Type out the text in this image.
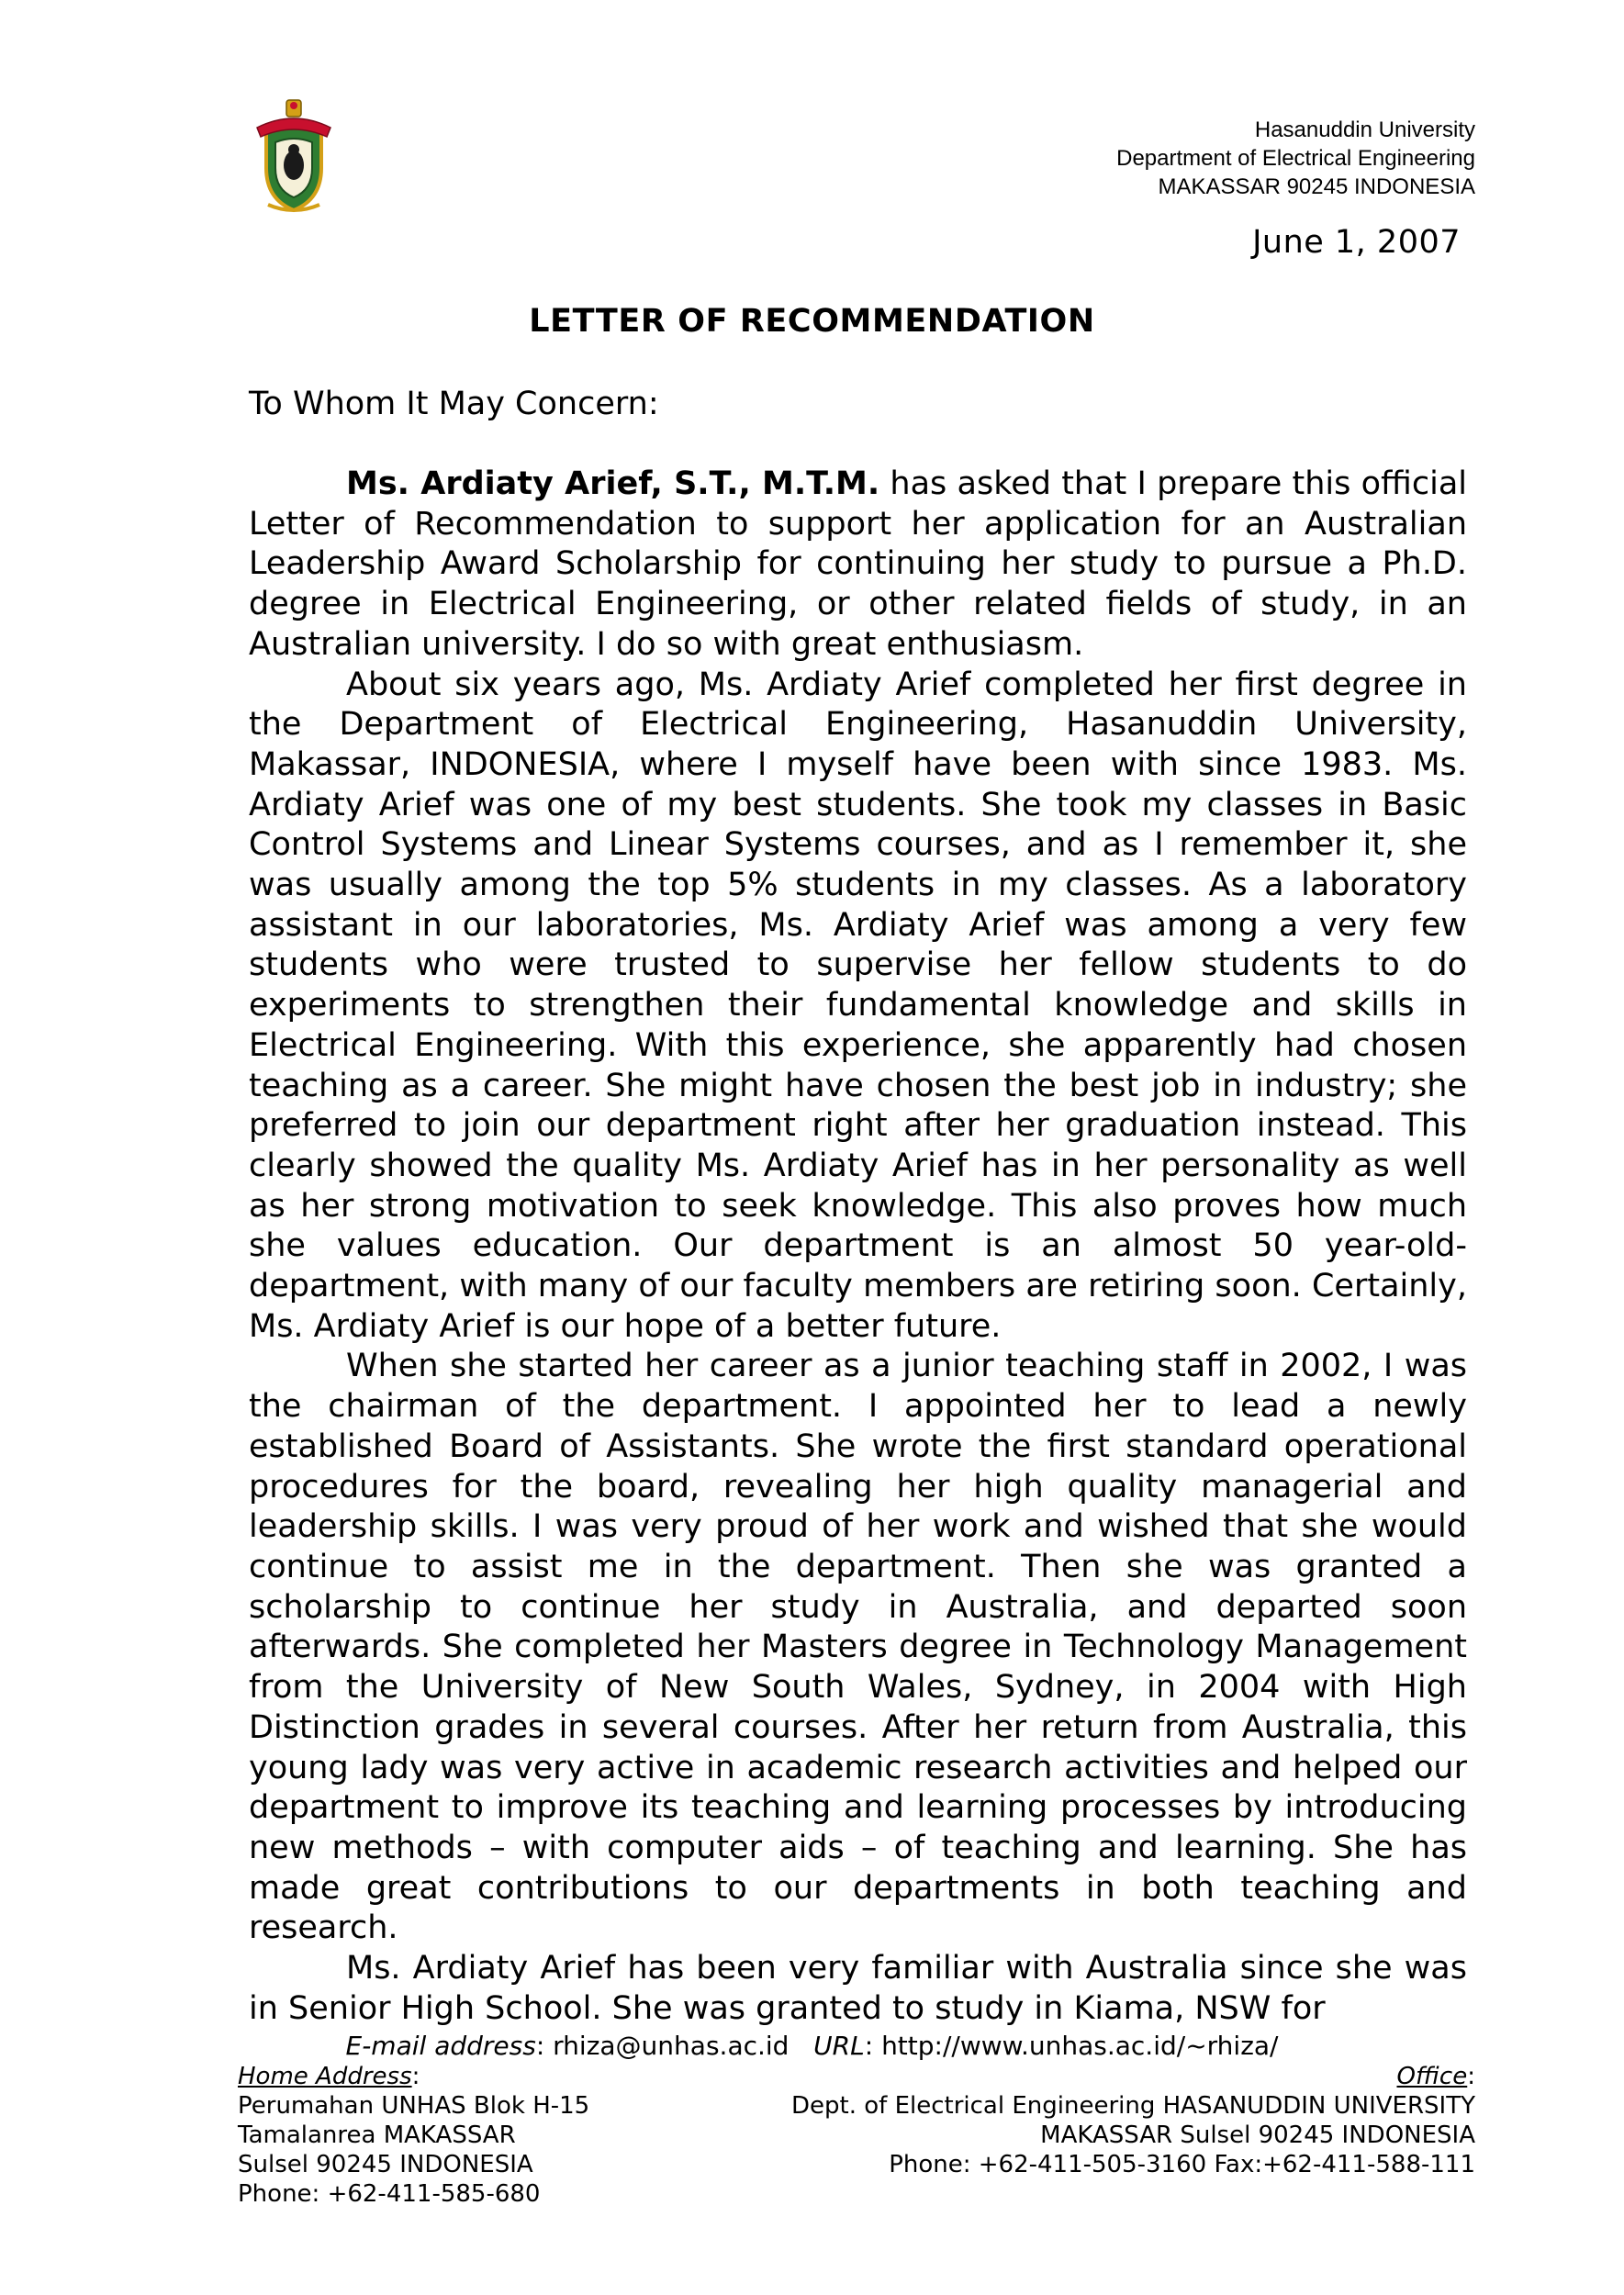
Hasanuddin University
Department of Electrical Engineering
MAKASSAR 90245 INDONESIA
June 1, 2007
LETTER OF RECOMMENDATION
To Whom It May Concern:

Ms. Ardiaty Arief, S.T., M.T.M. has asked that I prepare this official Letter of Recommendation to support her application for an Australian Leadership Award Scholarship for continuing her study to pursue a Ph.D. degree in Electrical Engineering, or other related fields of study, in an Australian university. I do so with great enthusiasm.

About six years ago, Ms. Ardiaty Arief completed her first degree in the Department of Electrical Engineering, Hasanuddin University, Makassar, INDONESIA, where I myself have been with since 1983. Ms. Ardiaty Arief was one of my best students. She took my classes in Basic Control Systems and Linear Systems courses, and as I remember it, she was usually among the top 5% students in my classes. As a laboratory assistant in our laboratories, Ms. Ardiaty Arief was among a very few students who were trusted to supervise her fellow students to do experiments to strengthen their fundamental knowledge and skills in Electrical Engineering. With this experience, she apparently had chosen teaching as a career. She might have chosen the best job in industry; she preferred to join our department right after her graduation instead. This clearly showed the quality Ms. Ardiaty Arief has in her personality as well as her strong motivation to seek knowledge. This also proves how much she values education. Our department is an almost 50 year-old-department, with many of our faculty members are retiring soon. Certainly, Ms. Ardiaty Arief is our hope of a better future.

When she started her career as a junior teaching staff in 2002, I was the chairman of the department. I appointed her to lead a newly established Board of Assistants. She wrote the first standard operational procedures for the board, revealing her high quality managerial and leadership skills. I was very proud of her work and wished that she would continue to assist me in the department. Then she was granted a scholarship to continue her study in Australia, and departed soon afterwards. She completed her Masters degree in Technology Management from the University of New South Wales, Sydney, in 2004 with High Distinction grades in several courses. After her return from Australia, this young lady was very active in academic research activities and helped our department to improve its teaching and learning processes by introducing new methods – with computer aids – of teaching and learning. She has made great contributions to our departments in both teaching and research.

Ms. Ardiaty Arief has been very familiar with Australia since she was in Senior High School. She was granted to study in Kiama, NSW for

E-mail address: rhiza@unhas.ac.id URL: http://www.unhas.ac.id/~rhiza/
Home Address:
Perumahan UNHAS Blok H-15
Tamalanrea MAKASSAR
Sulsel 90245 INDONESIA
Phone: +62-411-585-680
Office:
Dept. of Electrical Engineering HASANUDDIN UNIVERSITY
MAKASSAR Sulsel 90245 INDONESIA
Phone: +62-411-505-3160 Fax:+62-411-588-111
